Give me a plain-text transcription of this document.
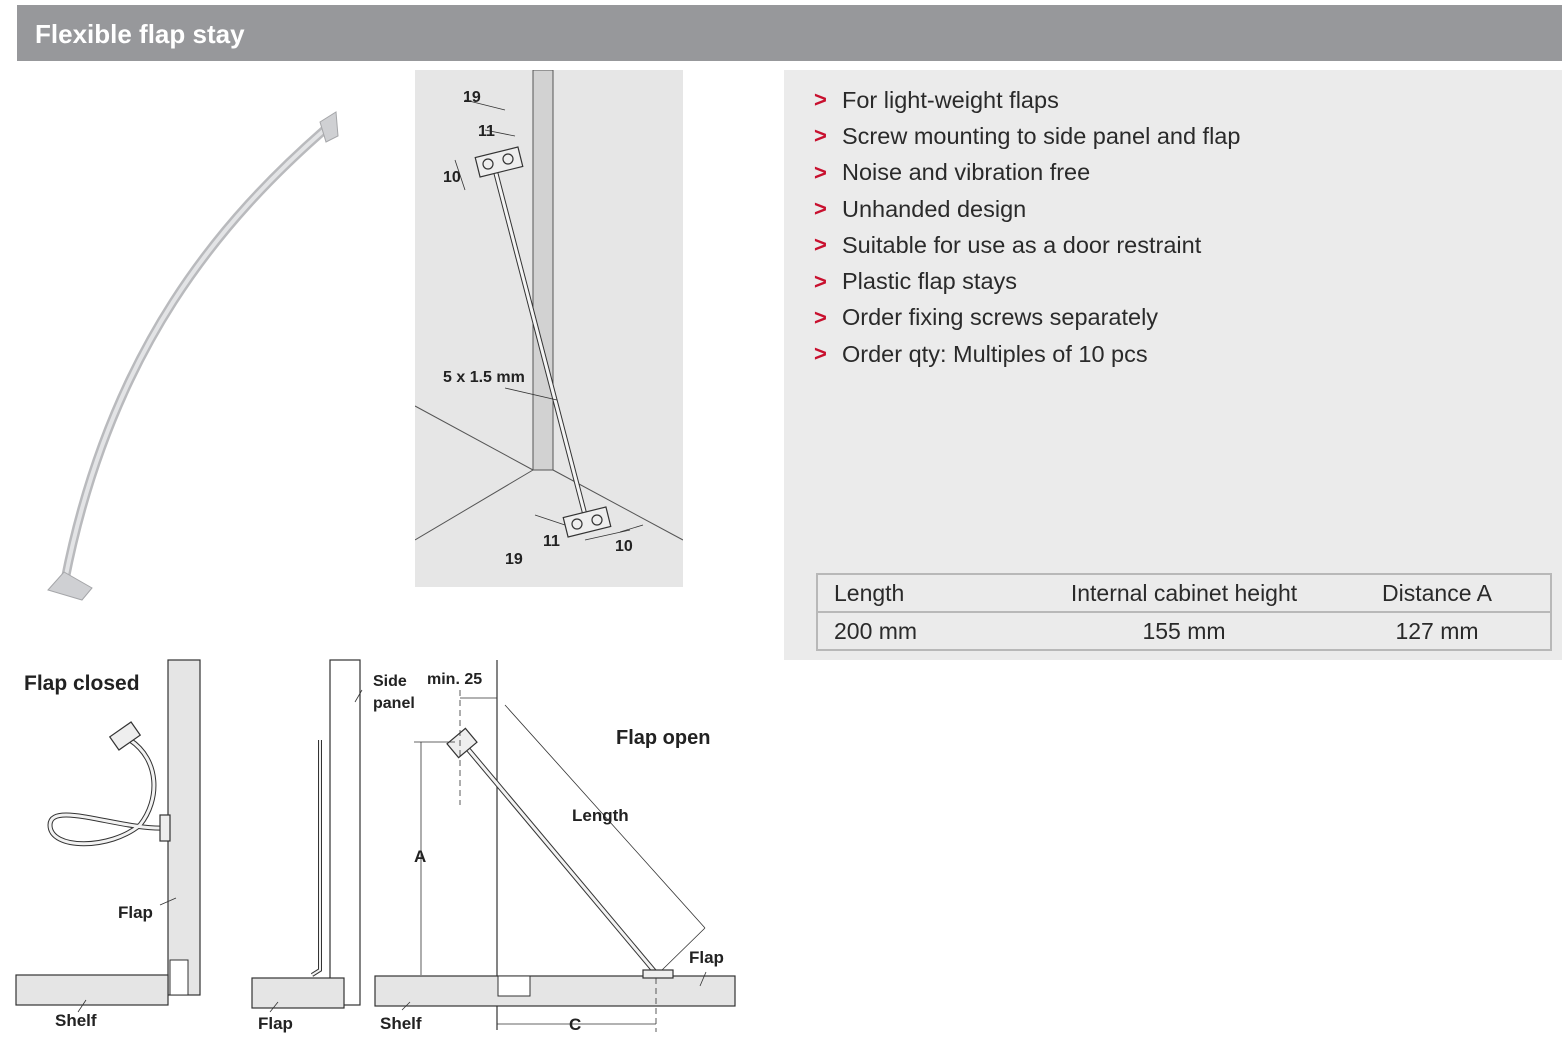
Flexible flap stay
19
11
10
5 x 1.5 mm
19
11	10
> For light-weight flaps
> Screw mounting to side panel and flap
> Noise and vibration free
> Unhanded design
> Suitable for use as a door restraint
> Plastic flap stays
> Order fixing screws separately
> Order qty: Multiples of 10 pcs
Length	Internal cabinet height	Distance A
200 mm	155 mm	127 mm
Flap closed
Flap
Shelf	Flap
Side
panel
min. 25
Flap open
A
Length
Flap
Shelf	C
